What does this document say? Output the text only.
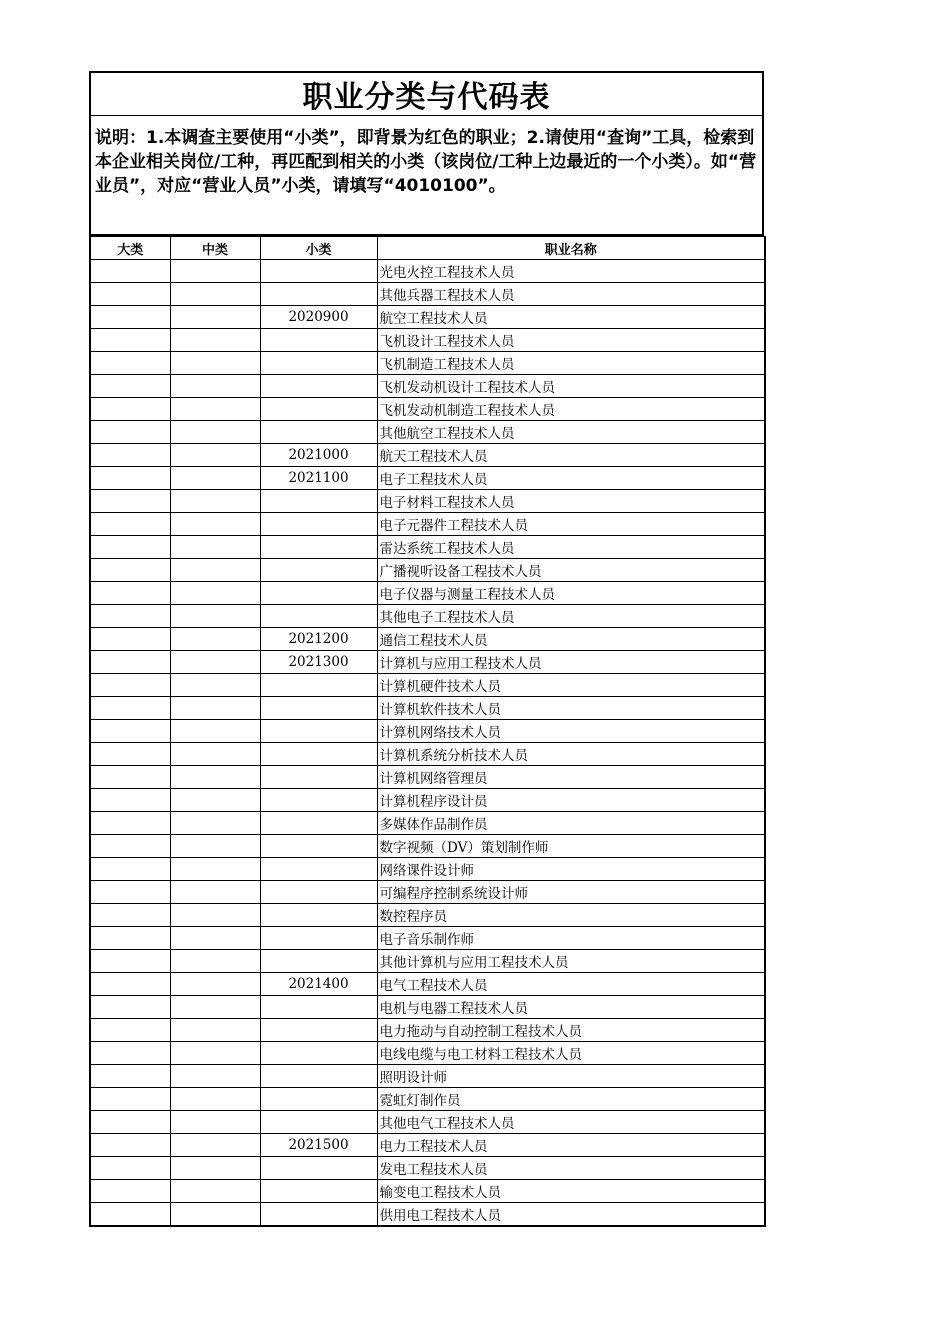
职业分类与代码表
说明：1.本调查主要使用“小类”，即背景为红色的职业；2.请使用“查询”工具，检索到本企业相关岗位/工种，再匹配到相关的小类（该岗位/工种上边最近的一个小类）。如“营业员”，对应“营业人员”小类，请填写“4010100”。
大类	中类	小类	职业名称
			光电火控工程技术人员
			其他兵器工程技术人员
		2020900	航空工程技术人员
			飞机设计工程技术人员
			飞机制造工程技术人员
			飞机发动机设计工程技术人员
			飞机发动机制造工程技术人员
			其他航空工程技术人员
		2021000	航天工程技术人员
		2021100	电子工程技术人员
			电子材料工程技术人员
			电子元器件工程技术人员
			雷达系统工程技术人员
			广播视听设备工程技术人员
			电子仪器与测量工程技术人员
			其他电子工程技术人员
		2021200	通信工程技术人员
		2021300	计算机与应用工程技术人员
			计算机硬件技术人员
			计算机软件技术人员
			计算机网络技术人员
			计算机系统分析技术人员
			计算机网络管理员
			计算机程序设计员
			多媒体作品制作员
			数字视频（DV）策划制作师
			网络课件设计师
			可编程序控制系统设计师
			数控程序员
			电子音乐制作师
			其他计算机与应用工程技术人员
		2021400	电气工程技术人员
			电机与电器工程技术人员
			电力拖动与自动控制工程技术人员
			电线电缆与电工材料工程技术人员
			照明设计师
			霓虹灯制作员
			其他电气工程技术人员
		2021500	电力工程技术人员
			发电工程技术人员
			输变电工程技术人员
			供用电工程技术人员
